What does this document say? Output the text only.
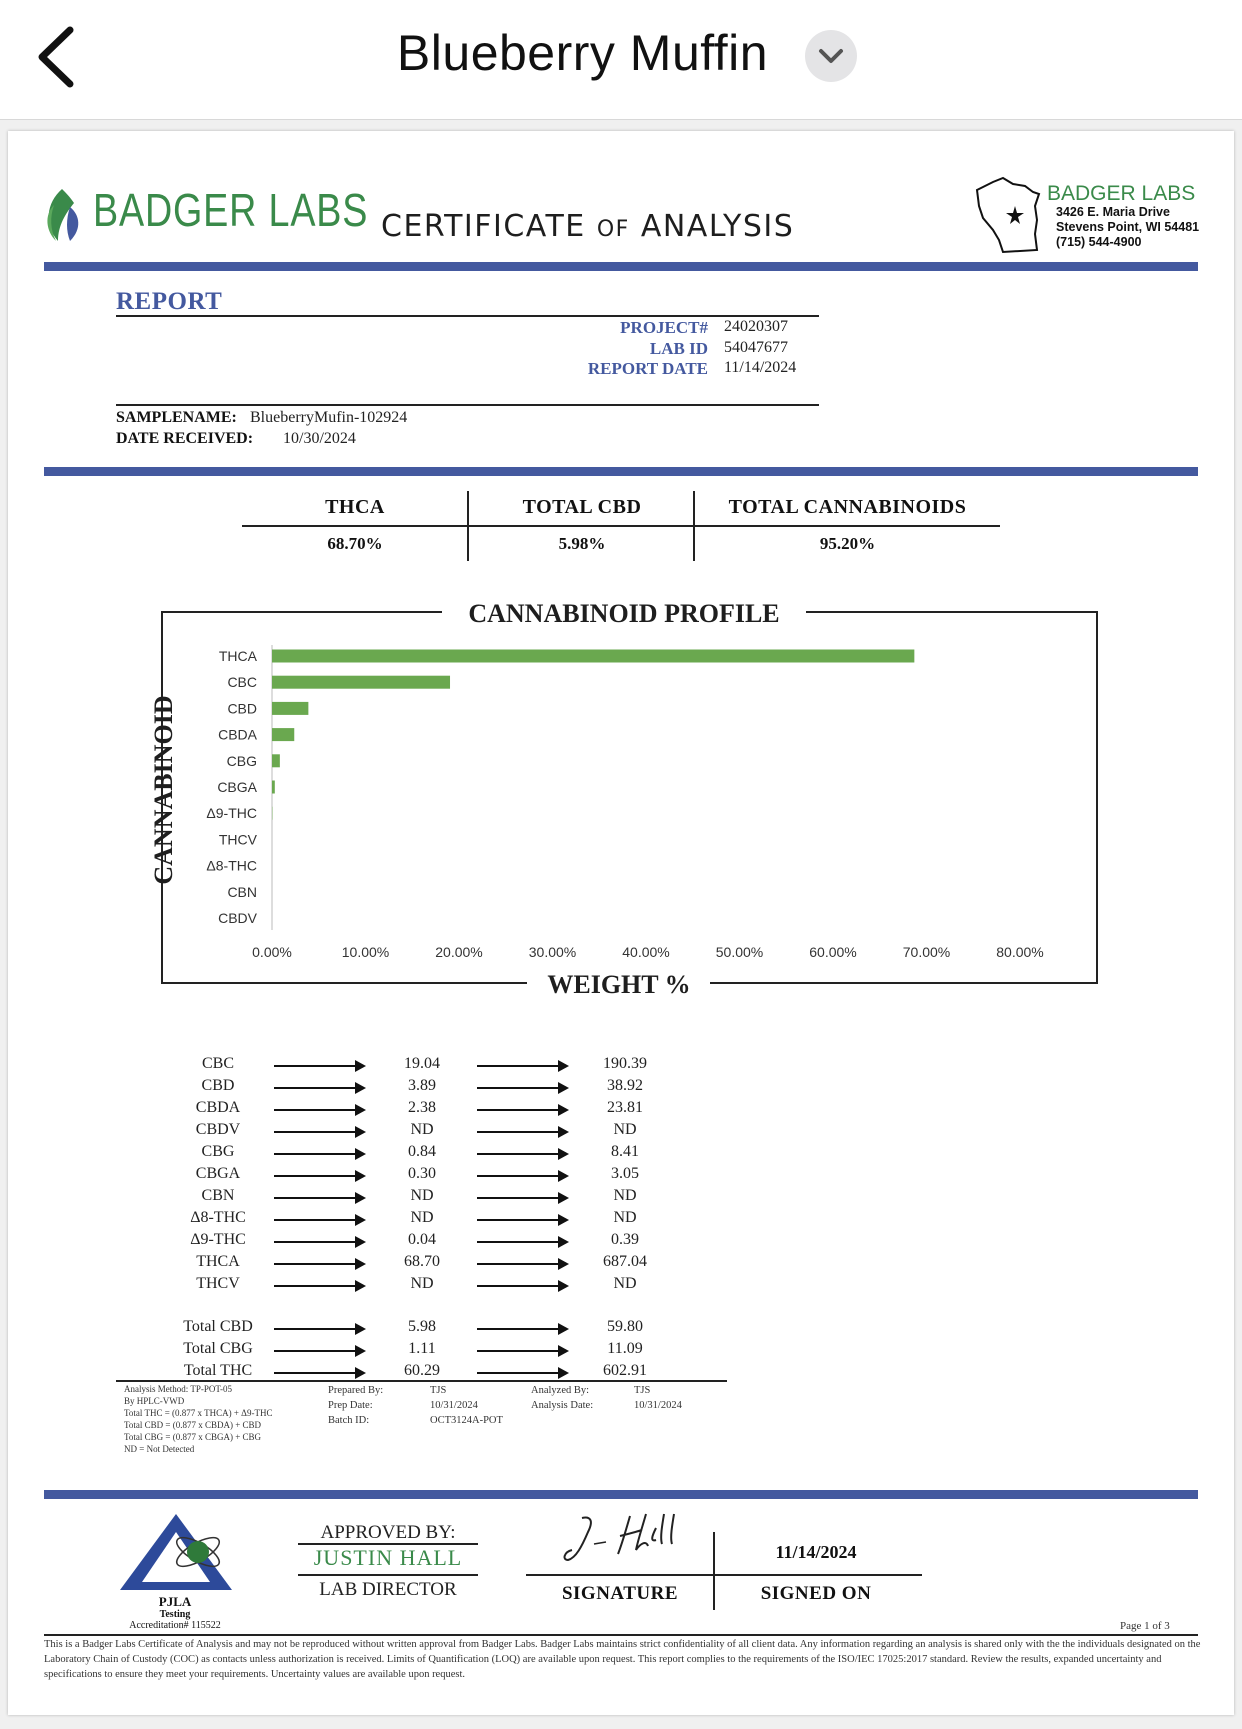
Blueberry Muffin
BADGER LABS CERTIFICATE OF ANALYSIS
BADGER LABS
3426 E. Maria Drive
Stevens Point, WI 54481
(715) 544-4900
REPORT
PROJECT# 24020307
LAB ID 54047677
REPORT DATE 11/14/2024
SAMPLENAME: BlueberryMufin-102924
DATE RECEIVED: 10/30/2024
THCA	TOTAL CBD	TOTAL CANNABINOIDS
68.70%	5.98%	95.20%
CANNABINOID PROFILE
WEIGHT %
CANNABINOID
THCA
CBC
CBD
CBDA
CBG
CBGA
Δ9-THC
THCV
Δ8-THC
CBN
CBDV
0.00%	10.00%	20.00%	30.00%	40.00%	50.00%	60.00%	70.00%	80.00%
CANNABINOID	WEIGHT (%)	MG/G
CBC	19.04	190.39
CBD	3.89	38.92
CBDA	2.38	23.81
CBDV	ND	ND
CBG	0.84	8.41
CBGA	0.30	3.05
CBN	ND	ND
Δ8-THC	ND	ND
Δ9-THC	0.04	0.39
THCA	68.70	687.04
THCV	ND	ND
Total CBD	5.98	59.80
Total CBG	1.11	11.09
Total THC	60.29	602.91
Analysis Method: TP-POT-05
By HPLC-VWD
Total THC = (0.877 x THCA) + Δ9-THC
Total CBD = (0.877 x CBDA) + CBD
Total CBG = (0.877 x CBGA) + CBG
ND = Not Detected
Prepared By:	TJS
Prep Date:	10/31/2024
Batch ID:	OCT3124A-POT
Analyzed By:	TJS
Analysis Date:	10/31/2024
PJLA
Testing
Accreditation# 115522
APPROVED BY:
JUSTIN HALL
LAB DIRECTOR
11/14/2024
SIGNATURE	SIGNED ON
Page 1 of 3
This is a Badger Labs Certificate of Analysis and may not be reproduced without written approval from Badger Labs. Badger Labs maintains strict confidentiality of all client data. Any information regarding an analysis is shared only with the the individuals designated on the Laboratory Chain of Custody (COC) as contacts unless authorization is received. Limits of Quantification (LOQ) are available upon request. This report complies to the requirements of the ISO/IEC 17025:2017 standard. Review the results, expanded uncertainty and specifications to ensure they meet your requirements. Uncertainty values are available upon request.
